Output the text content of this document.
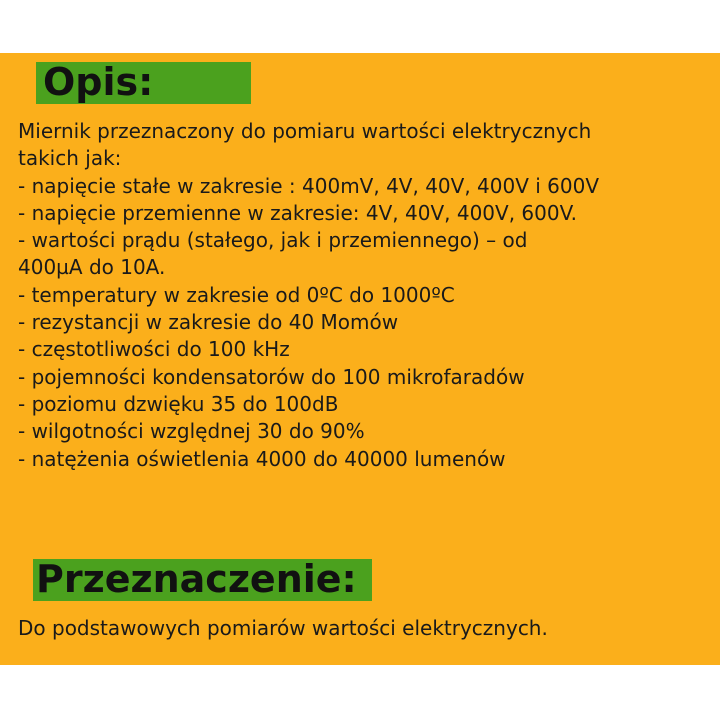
Opis:
Miernik przeznaczony do pomiaru wartości elektrycznych
takich jak:
- napięcie stałe w zakresie : 400mV, 4V, 40V, 400V i 600V
- napięcie przemienne w zakresie: 4V, 40V, 400V, 600V.
- wartości prądu (stałego, jak i przemiennego) – od
400µA do 10A.
- temperatury w zakresie od 0ºC do 1000ºC
- rezystancji w zakresie do 40 Momów
- częstotliwości do 100 kHz
- pojemności kondensatorów do 100 mikrofaradów
- poziomu dzwięku 35 do 100dB
- wilgotności względnej 30 do 90%
- natężenia oświetlenia 4000 do 40000 lumenów
Przeznaczenie:
Do podstawowych pomiarów wartości elektrycznych.
